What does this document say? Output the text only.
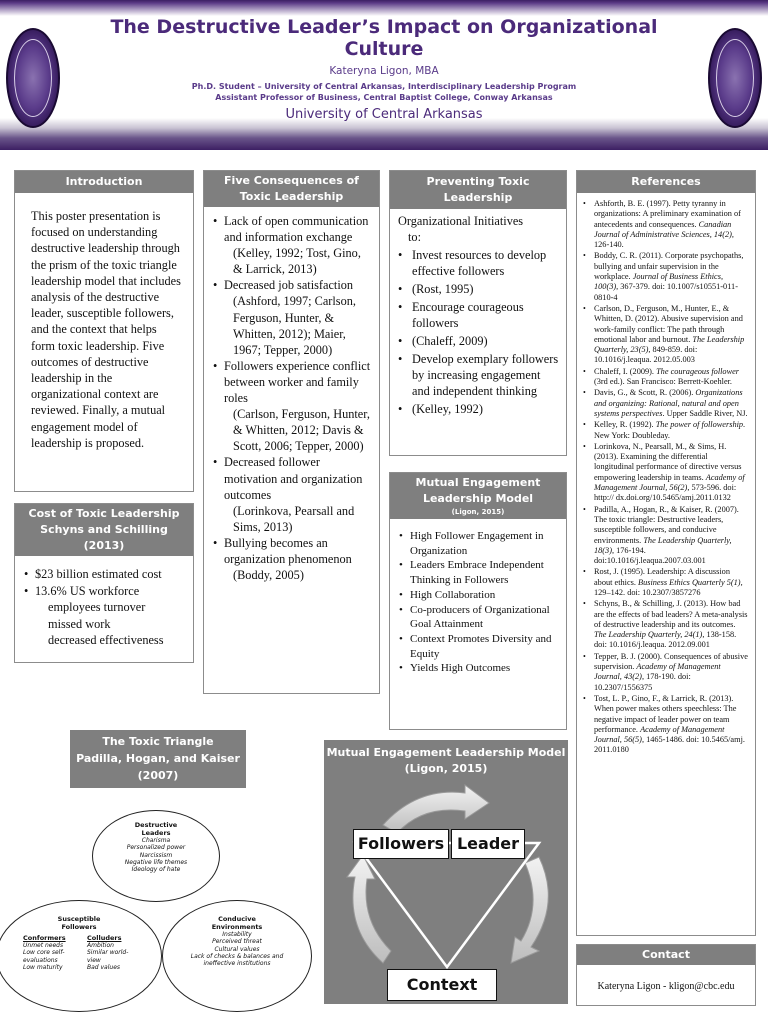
The Destructive Leader’s Impact on Organizational Culture
Kateryna Ligon, MBA
Ph.D. Student – University of Central Arkansas, Interdisciplinary Leadership Program
Assistant Professor of Business, Central Baptist College, Conway Arkansas
University of Central Arkansas
Introduction
This poster presentation is focused on understanding destructive leadership through the prism of the toxic triangle leadership model that includes analysis of the destructive leader, susceptible followers, and the context that helps form toxic leadership. Five outcomes of destructive leadership in the organizational context are reviewed. Finally, a mutual engagement model of leadership is proposed.
Cost of Toxic Leadership
Schyns and Schilling (2013)
• $23 billion estimated cost
• 13.6% US workforce
employees turnover
missed work
decreased effectiveness
Five Consequences of Toxic Leadership
• Lack of open communication and information exchange
(Kelley, 1992; Tost, Gino, & Larrick, 2013)
• Decreased job satisfaction
(Ashford, 1997; Carlson, Ferguson, Hunter, & Whitten, 2012); Maier, 1967; Tepper, 2000)
• Followers experience conflict between worker and family roles
(Carlson, Ferguson, Hunter, & Whitten, 2012; Davis & Scott, 2006; Tepper, 2000)
• Decreased follower motivation and organization outcomes
(Lorinkova, Pearsall and Sims, 2013)
• Bullying becomes an organization phenomenon
(Boddy, 2005)
Preventing Toxic Leadership
Organizational Initiatives
to:
• Invest resources to develop effective followers
• (Rost, 1995)
• Encourage courageous followers
• (Chaleff, 2009)
• Develop exemplary followers by increasing engagement and independent thinking
• (Kelley, 1992)
Mutual Engagement Leadership Model
(Ligon, 2015)
• High Follower Engagement in Organization
• Leaders Embrace Independent Thinking in Followers
• High Collaboration
• Co-producers of Organizational Goal Attainment
• Context Promotes Diversity and Equity
• Yields High Outcomes
References
• Ashforth, B. E. (1997). Petty tyranny in organizations: A preliminary examination of antecedents and consequences. Canadian Journal of Administrative Sciences, 14(2), 126-140.
• Boddy, C. R. (2011). Corporate psychopaths, bullying and unfair supervision in the workplace. Journal of Business Ethics, 100(3), 367-379. doi: 10.1007/s10551-011-0810-4
• Carlson, D., Ferguson, M., Hunter, E., & Whitten, D. (2012). Abusive supervision and work-family conflict: The path through emotional labor and burnout. The Leadership Quarterly, 23(5), 849-859. doi: 10.1016/j.leaqua. 2012.05.003
• Chaleff, I. (2009). The courageous follower (3rd ed.). San Francisco: Berrett-Koehler.
• Davis, G., & Scott, R. (2006). Organizations and organizing: Rational, natural and open systems perspectives. Upper Saddle River, NJ.
• Kelley, R. (1992). The power of followership. New York: Doubleday.
• Lorinkova, N., Pearsall, M., & Sims, H. (2013). Examining the differential longitudinal performance of directive versus empowering leadership in teams. Academy of Management Journal, 56(2), 573-596. doi: http:// dx.doi.org/10.5465/amj.2011.0132
• Padilla, A., Hogan, R., & Kaiser, R. (2007). The toxic triangle: Destructive leaders, susceptible followers, and conducive environments. The Leadership Quarterly, 18(3), 176-194. doi:10.1016/j.leaqua.2007.03.001
• Rost, J. (1995). Leadership: A discussion about ethics. Business Ethics Quarterly 5(1), 129–142. doi: 10.2307/3857276
• Schyns, B., & Schilling, J. (2013). How bad are the effects of bad leaders? A meta-analysis of destructive leadership and its outcomes. The Leadership Quarterly, 24(1), 138-158. doi: 10.1016/j.leaqua. 2012.09.001
• Tepper, B. J. (2000). Consequences of abusive supervision. Academy of Management Journal, 43(2), 178-190. doi: 10.2307/1556375
• Tost, L. P., Gino, F., & Larrick, R. (2013). When power makes others speechless: The negative impact of leader power on team performance. Academy of Management Journal, 56(5), 1465-1486. doi: 10.5465/amj. 2011.0180
Contact
Kateryna Ligon - kligon@cbc.edu
The Toxic Triangle
Padilla, Hogan, and Kaiser
(2007)
Destructive Leaders
Charisma
Personalized power
Narcissism
Negative life themes
Ideology of hate
Susceptible Followers
Conformers
Unmet needs
Low core self-evaluations
Low maturity
Colluders
Ambition
Similar world-view
Bad values
Conducive Environments
Instability
Perceived threat
Cultural values
Lack of checks & balances and ineffective institutions
Mutual Engagement Leadership Model
(Ligon, 2015)
Followers Leader
Context
